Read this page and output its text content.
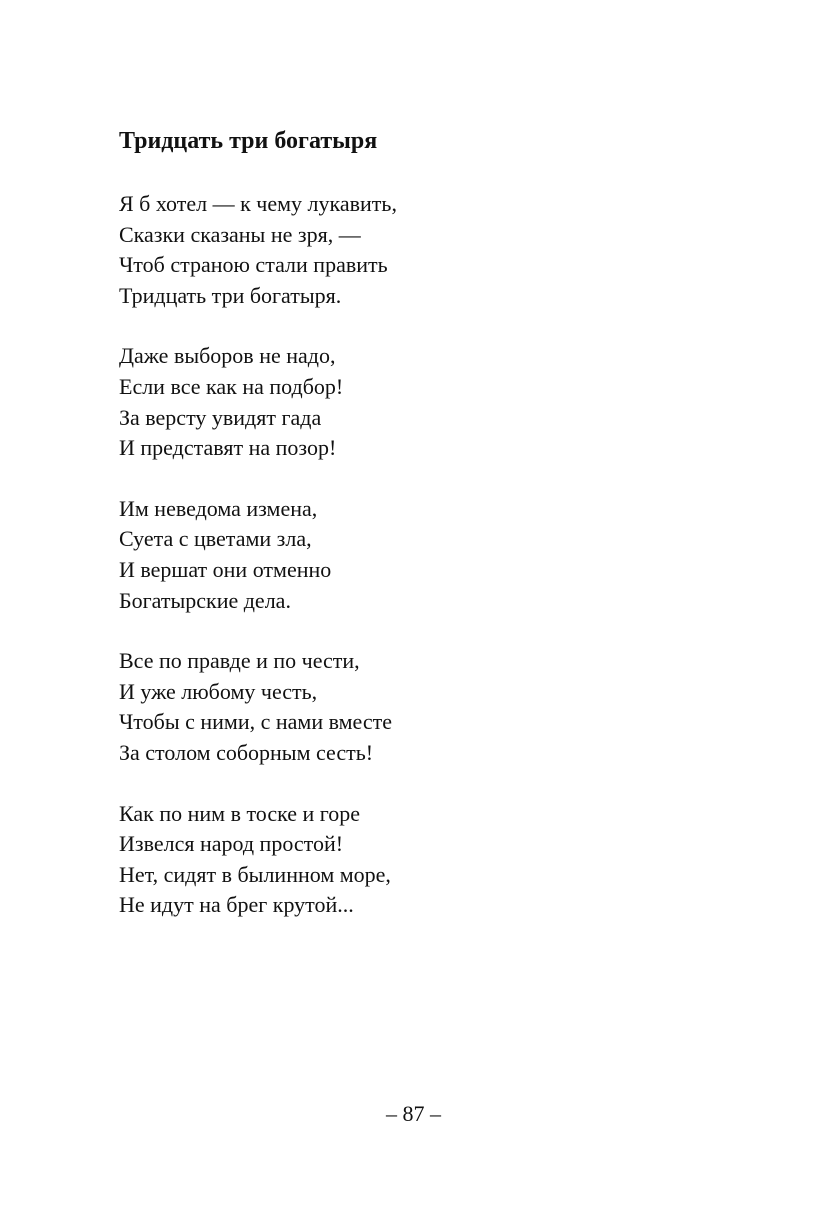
Тридцать три богатыря
Я б хотел — к чему лукавить,
Сказки сказаны не зря, —
Чтоб страною стали править
Тридцать три богатыря.
Даже выборов не надо,
Если все как на подбор!
За версту увидят гада
И представят на позор!
Им неведома измена,
Суета с цветами зла,
И вершат они отменно
Богатырские дела.
Все по правде и по чести,
И уже любому честь,
Чтобы с ними, с нами вместе
За столом соборным сесть!
Как по ним в тоске и горе
Извелся народ простой!
Нет, сидят в былинном море,
Не идут на брег крутой...
– 87 –
